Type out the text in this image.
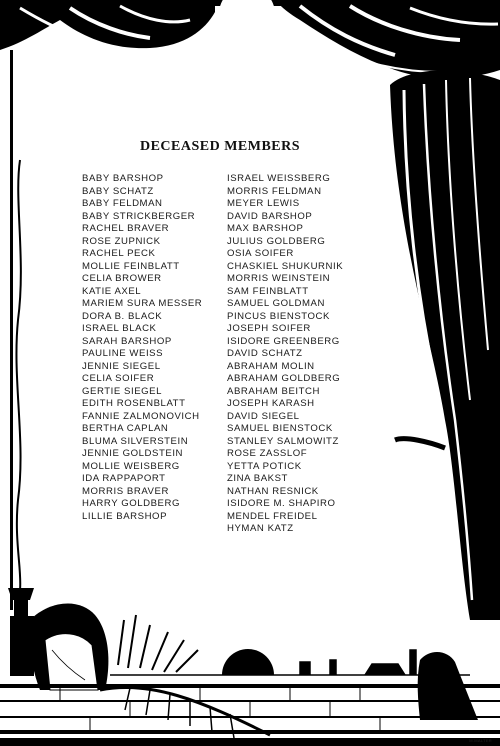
DECEASED MEMBERS
BABY BARSHOP
BABY SCHATZ
BABY FELDMAN
BABY STRICKBERGER
RACHEL BRAVER
ROSE ZUPNICK
RACHEL PECK
MOLLIE FEINBLATT
CELIA BROWER
KATIE AXEL
MARIEM SURA MESSER
DORA B. BLACK
ISRAEL BLACK
SARAH BARSHOP
PAULINE WEISS
JENNIE SIEGEL
CELIA SOIFER
GERTIE SIEGEL
EDITH ROSENBLATT
FANNIE ZALMONOVICH
BERTHA CAPLAN
BLUMA SILVERSTEIN
JENNIE GOLDSTEIN
MOLLIE WEISBERG
IDA RAPPAPORT
MORRIS BRAVER
HARRY GOLDBERG
LILLIE BARSHOP
ISRAEL WEISSBERG
MORRIS FELDMAN
MEYER LEWIS
DAVID BARSHOP
MAX BARSHOP
JULIUS GOLDBERG
OSIA SOIFER
CHASKIEL SHUKURNIK
MORRIS WEINSTEIN
SAM FEINBLATT
SAMUEL GOLDMAN
PINCUS BIENSTOCK
JOSEPH SOIFER
ISIDORE GREENBERG
DAVID SCHATZ
ABRAHAM MOLIN
ABRAHAM GOLDBERG
ABRAHAM BEITCH
JOSEPH KARASH
DAVID SIEGEL
SAMUEL BIENSTOCK
STANLEY SALMOWITZ
ROSE ZASSLOF
YETTA POTICK
ZINA BAKST
NATHAN RESNICK
ISIDORE M. SHAPIRO
MENDEL FREIDEL
HYMAN KATZ
M.MALTER
